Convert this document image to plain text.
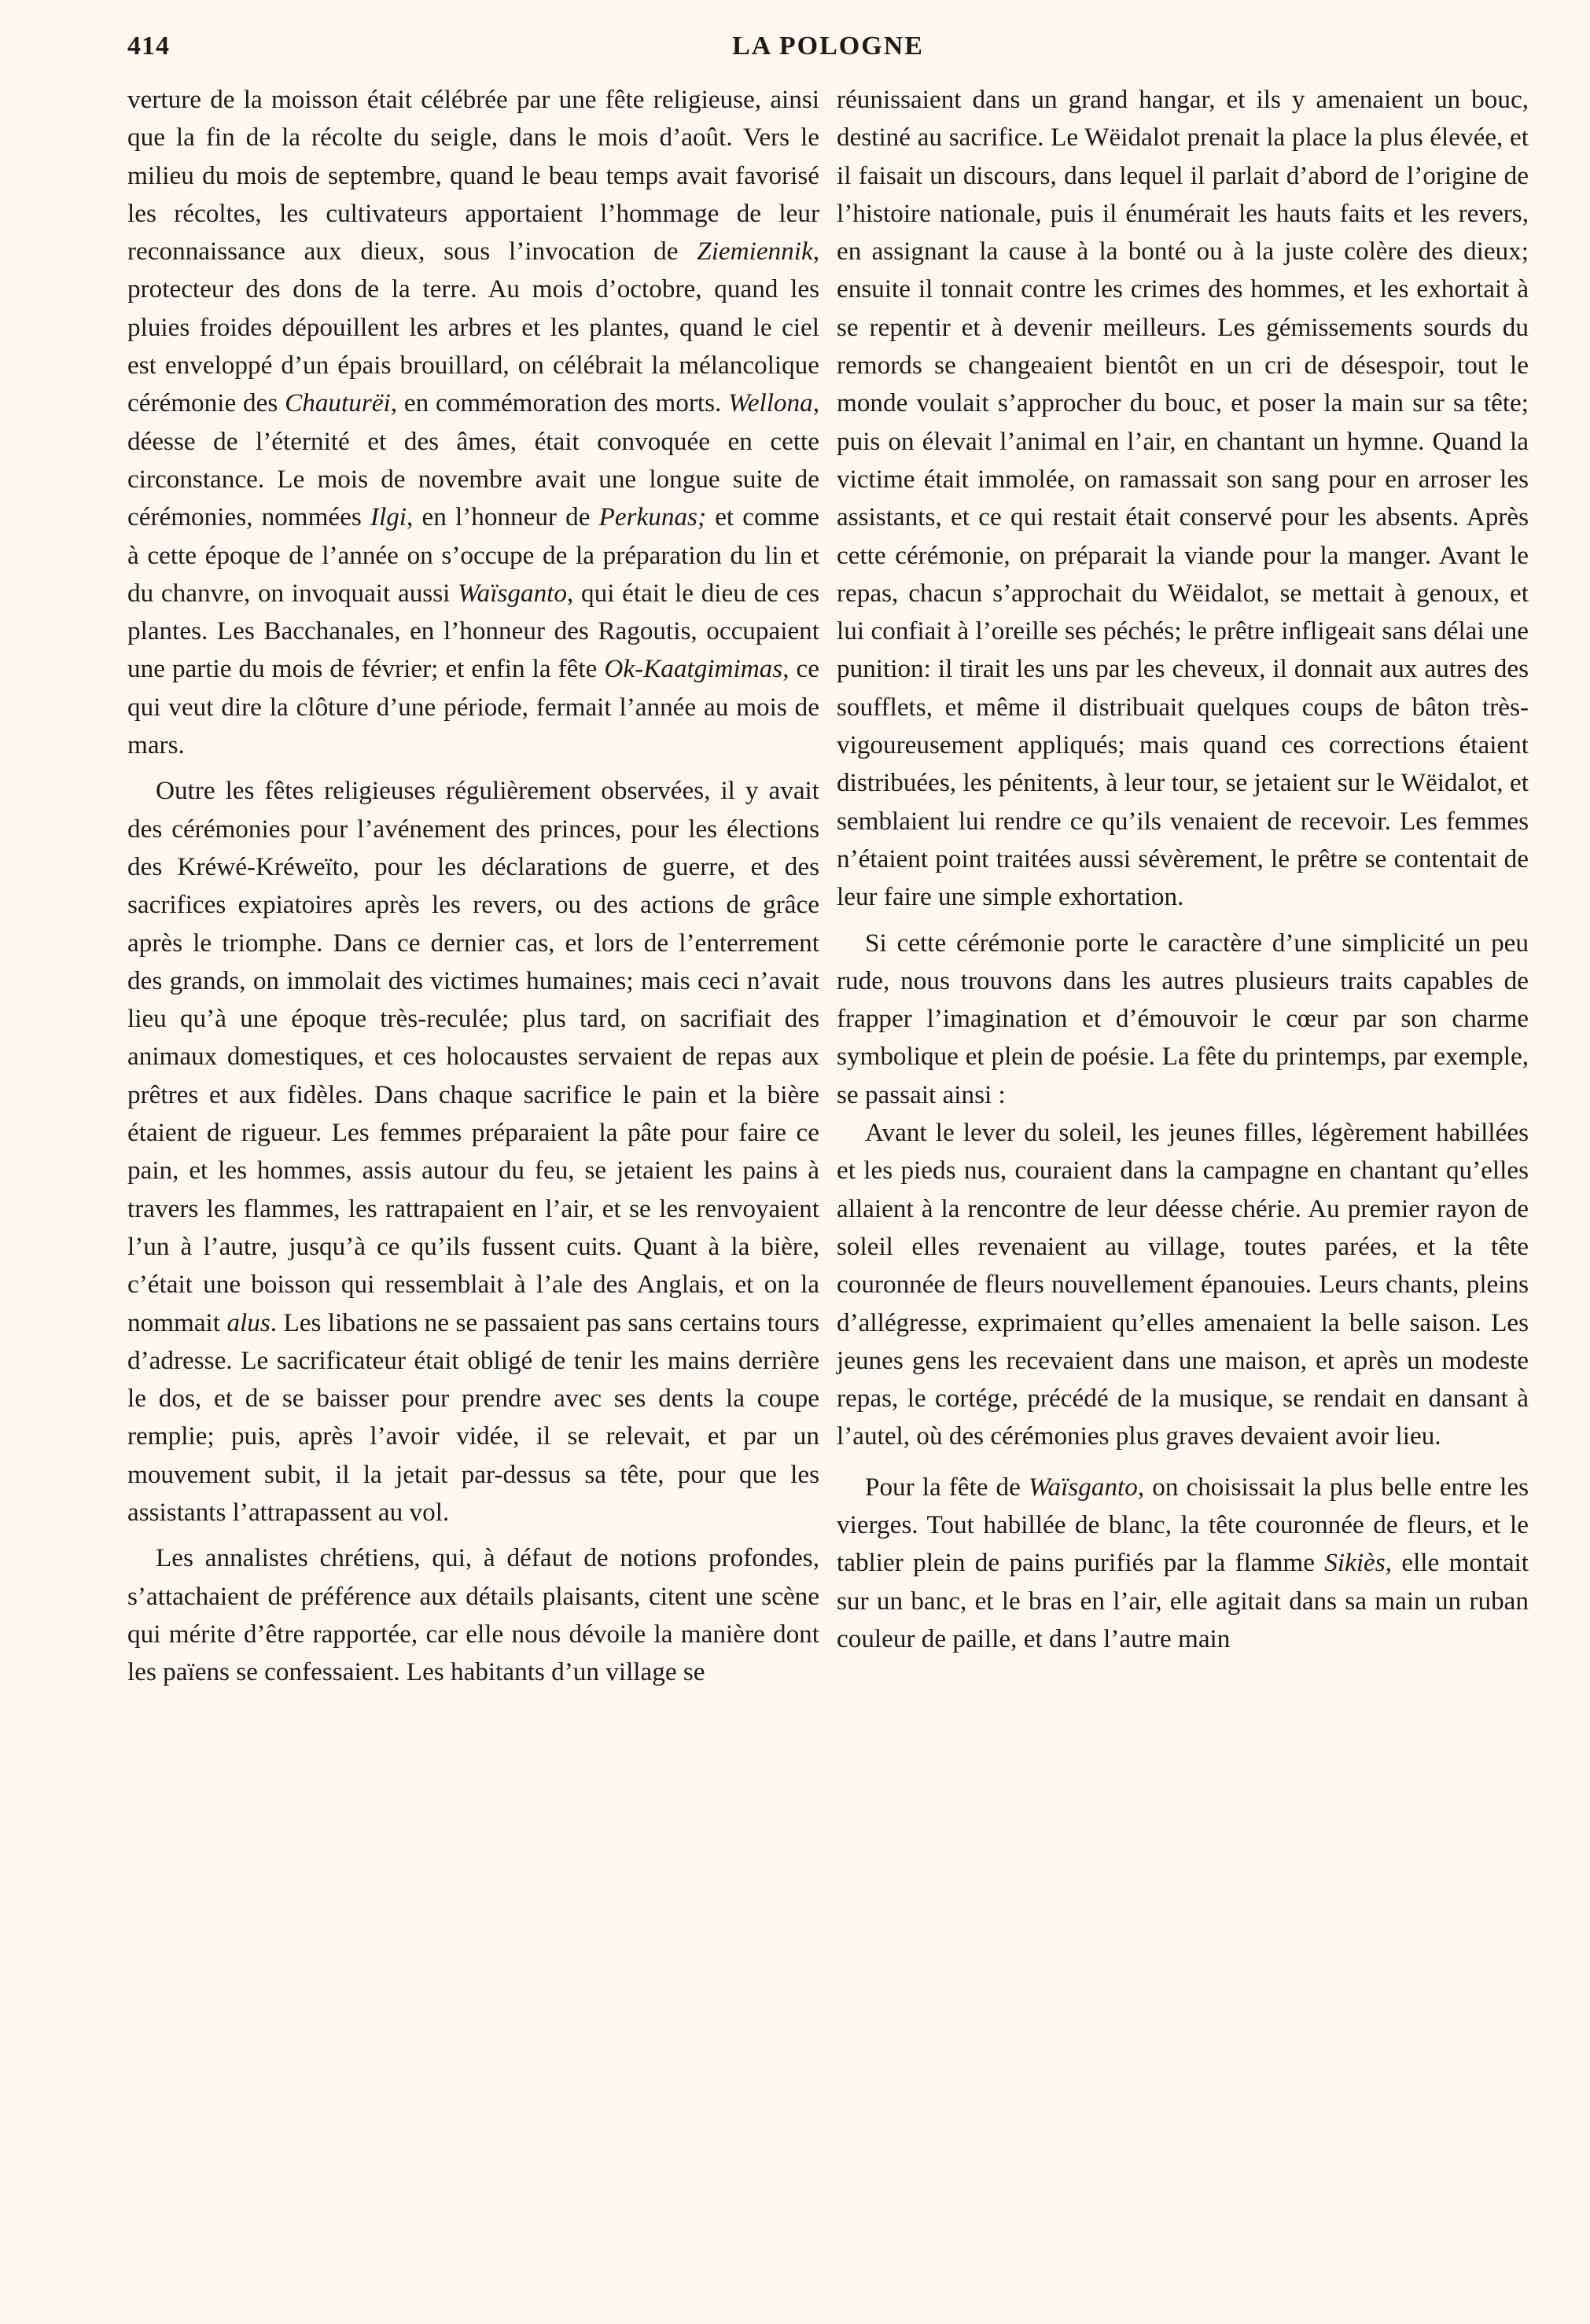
414	LA POLOGNE

verture de la moisson était célébrée par une fête religieuse, ainsi que la fin de la récolte du seigle, dans le mois d’août. Vers le milieu du mois de septembre, quand le beau temps avait favorisé les récoltes, les cultivateurs apportaient l’hommage de leur reconnaissance aux dieux, sous l’invocation de Ziemiennik, protecteur des dons de la terre. Au mois d’octobre, quand les pluies froides dépouillent les arbres et les plantes, quand le ciel est enveloppé d’un épais brouillard, on célébrait la mélancolique cérémonie des Chauturëi, en commémoration des morts. Wellona, déesse de l’éternité et des âmes, était convoquée en cette circonstance. Le mois de novembre avait une longue suite de cérémonies, nommées Ilgi, en l’honneur de Perkunas; et comme à cette époque de l’année on s’occupe de la préparation du lin et du chanvre, on invoquait aussi Waïsganto, qui était le dieu de ces plantes. Les Bacchanales, en l’honneur des Ragoutis, occupaient une partie du mois de février; et enfin la fête Ok-Kaatgimimas, ce qui veut dire la clôture d’une période, fermait l’année au mois de mars.

Outre les fêtes religieuses régulièrement observées, il y avait des cérémonies pour l’avénement des princes, pour les élections des Kréwé-Kréweïto, pour les déclarations de guerre, et des sacrifices expiatoires après les revers, ou des actions de grâce après le triomphe. Dans ce dernier cas, et lors de l’enterrement des grands, on immolait des victimes humaines; mais ceci n’avait lieu qu’à une époque très-reculée; plus tard, on sacrifiait des animaux domestiques, et ces holocaustes servaient de repas aux prêtres et aux fidèles. Dans chaque sacrifice le pain et la bière étaient de rigueur. Les femmes préparaient la pâte pour faire ce pain, et les hommes, assis autour du feu, se jetaient les pains à travers les flammes, les rattrapaient en l’air, et se les renvoyaient l’un à l’autre, jusqu’à ce qu’ils fussent cuits. Quant à la bière, c’était une boisson qui ressemblait à l’ale des Anglais, et on la nommait alus. Les libations ne se passaient pas sans certains tours d’adresse. Le sacrificateur était obligé de tenir les mains derrière le dos, et de se baisser pour prendre avec ses dents la coupe remplie; puis, après l’avoir vidée, il se relevait, et par un mouvement subit, il la jetait par-dessus sa tête, pour que les assistants l’attrapassent au vol.

Les annalistes chrétiens, qui, à défaut de notions profondes, s’attachaient de préférence aux détails plaisants, citent une scène qui mérite d’être rapportée, car elle nous dévoile la manière dont les païens se confessaient. Les habitants d’un village se

réunissaient dans un grand hangar, et ils y amenaient un bouc, destiné au sacrifice. Le Wëidalot prenait la place la plus élevée, et il faisait un discours, dans lequel il parlait d’abord de l’origine de l’histoire nationale, puis il énumérait les hauts faits et les revers, en assignant la cause à la bonté ou à la juste colère des dieux; ensuite il tonnait contre les crimes des hommes, et les exhortait à se repentir et à devenir meilleurs. Les gémissements sourds du remords se changeaient bientôt en un cri de désespoir, tout le monde voulait s’approcher du bouc, et poser la main sur sa tête; puis on élevait l’animal en l’air, en chantant un hymne. Quand la victime était immolée, on ramassait son sang pour en arroser les assistants, et ce qui restait était conservé pour les absents. Après cette cérémonie, on préparait la viande pour la manger. Avant le repas, chacun s’approchait du Wëidalot, se mettait à genoux, et lui confiait à l’oreille ses péchés; le prêtre infligeait sans délai une punition: il tirait les uns par les cheveux, il donnait aux autres des soufflets, et même il distribuait quelques coups de bâton très-vigoureusement appliqués; mais quand ces corrections étaient distribuées, les pénitents, à leur tour, se jetaient sur le Wëidalot, et semblaient lui rendre ce qu’ils venaient de recevoir. Les femmes n’étaient point traitées aussi sévèrement, le prêtre se contentait de leur faire une simple exhortation.

Si cette cérémonie porte le caractère d’une simplicité un peu rude, nous trouvons dans les autres plusieurs traits capables de frapper l’imagination et d’émouvoir le cœur par son charme symbolique et plein de poésie. La fête du printemps, par exemple, se passait ainsi :

Avant le lever du soleil, les jeunes filles, légèrement habillées et les pieds nus, couraient dans la campagne en chantant qu’elles allaient à la rencontre de leur déesse chérie. Au premier rayon de soleil elles revenaient au village, toutes parées, et la tête couronnée de fleurs nouvellement épanouies. Leurs chants, pleins d’allégresse, exprimaient qu’elles amenaient la belle saison. Les jeunes gens les recevaient dans une maison, et après un modeste repas, le cortége, précédé de la musique, se rendait en dansant à l’autel, où des cérémonies plus graves devaient avoir lieu.

Pour la fête de Waïsganto, on choisissait la plus belle entre les vierges. Tout habillée de blanc, la tête couronnée de fleurs, et le tablier plein de pains purifiés par la flamme Sikiès, elle montait sur un banc, et le bras en l’air, elle agitait dans sa main un ruban couleur de paille, et dans l’autre main
